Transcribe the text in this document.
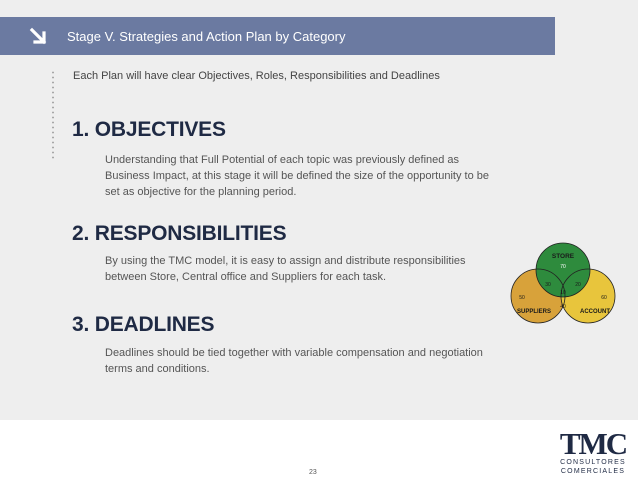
Stage V. Strategies and Action Plan by Category
Each Plan will have clear Objectives, Roles, Responsibilities and Deadlines
1. OBJECTIVES
Understanding that Full Potential of each topic was previously defined as
Business Impact, at this stage it will be defined the size of the opportunity to be
set as objective for the planning period.
2. RESPONSIBILITIES
By using the TMC model, it is easy to assign and distribute responsibilities
between Store, Central office and Suppliers for each task.
3. DEADLINES
Deadlines should be tied together with variable compensation and negotiation
terms and conditions.
STORE
70
30	20
10
50	60
40
SUPPLIERS	ACCOUNT
TMC
CONSULTORES
COMERCIALES
23
